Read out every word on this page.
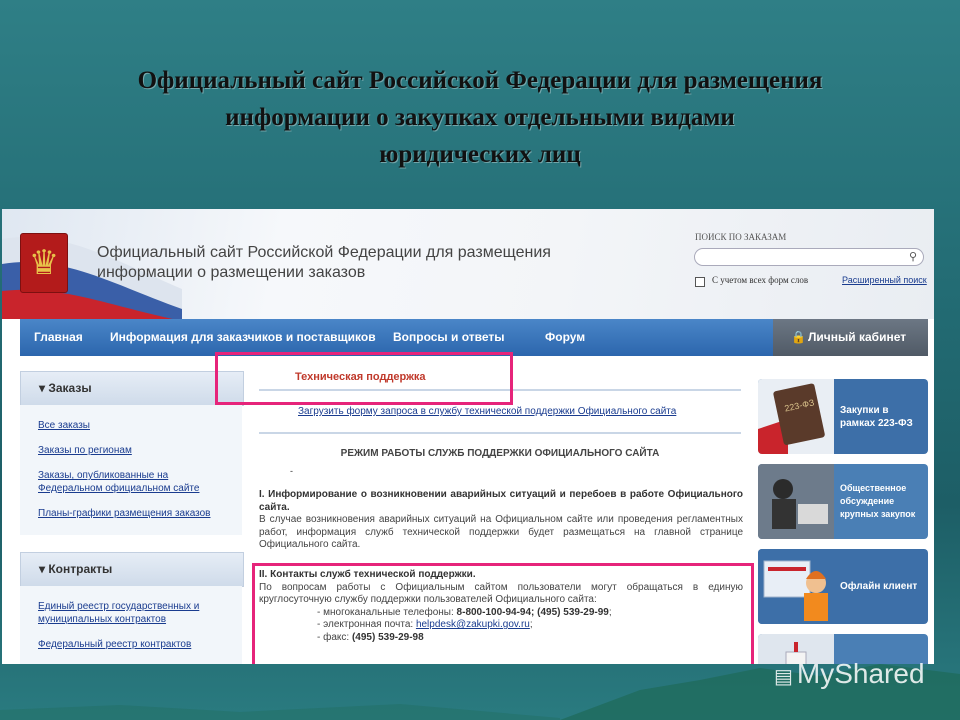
Официальный сайт Российской Федерации для размещения
информации о закупках отдельными видами
юридических лиц
♛	Официальный сайт Российской Федерации для размещения
информации о размещении заказов
ПОИСК ПО ЗАКАЗАМ
⚲
С учетом всех форм слов	Расширенный поиск
Главная Информация для заказчиков и поставщиков Вопросы и ответы	Форум	🔒 Личный кабинет
▾ Заказы
Все заказы
Заказы по регионам
Заказы, опубликованные на
Федеральном официальном сайте
Планы-графики размещения заказов
▾ Контракты
Единый реестр государственных и
муниципальных контрактов
Федеральный реестр контрактов
Техническая поддержка
Загрузить форму запроса в службу технической поддержки Официального сайта
РЕЖИМ РАБОТЫ СЛУЖБ ПОДДЕРЖКИ ОФИЦИАЛЬНОГО САЙТА
-
I. Информирование о возникновении аварийных ситуаций и перебоев в работе Официального сайта.
В случае возникновения аварийных ситуаций на Официальном сайте или проведения регламентных работ, информация служб технической поддержки будет размещаться на главной странице Официального сайта.
II. Контакты служб технической поддержки.
По вопросам работы с Официальным сайтом пользователи могут обращаться в единую круглосуточную службу поддержки пользователей Официального сайта:
- многоканальные телефоны: 8-800-100-94-94; (495) 539-29-99;
- электронная почта: helpdesk@zakupki.gov.ru;
- факс: (495) 539-29-98
223-ФЗ Закупки в рамках 223-ФЗ
Общественное обсуждение крупных закупок
Офлайн клиент
▤ MyShared
